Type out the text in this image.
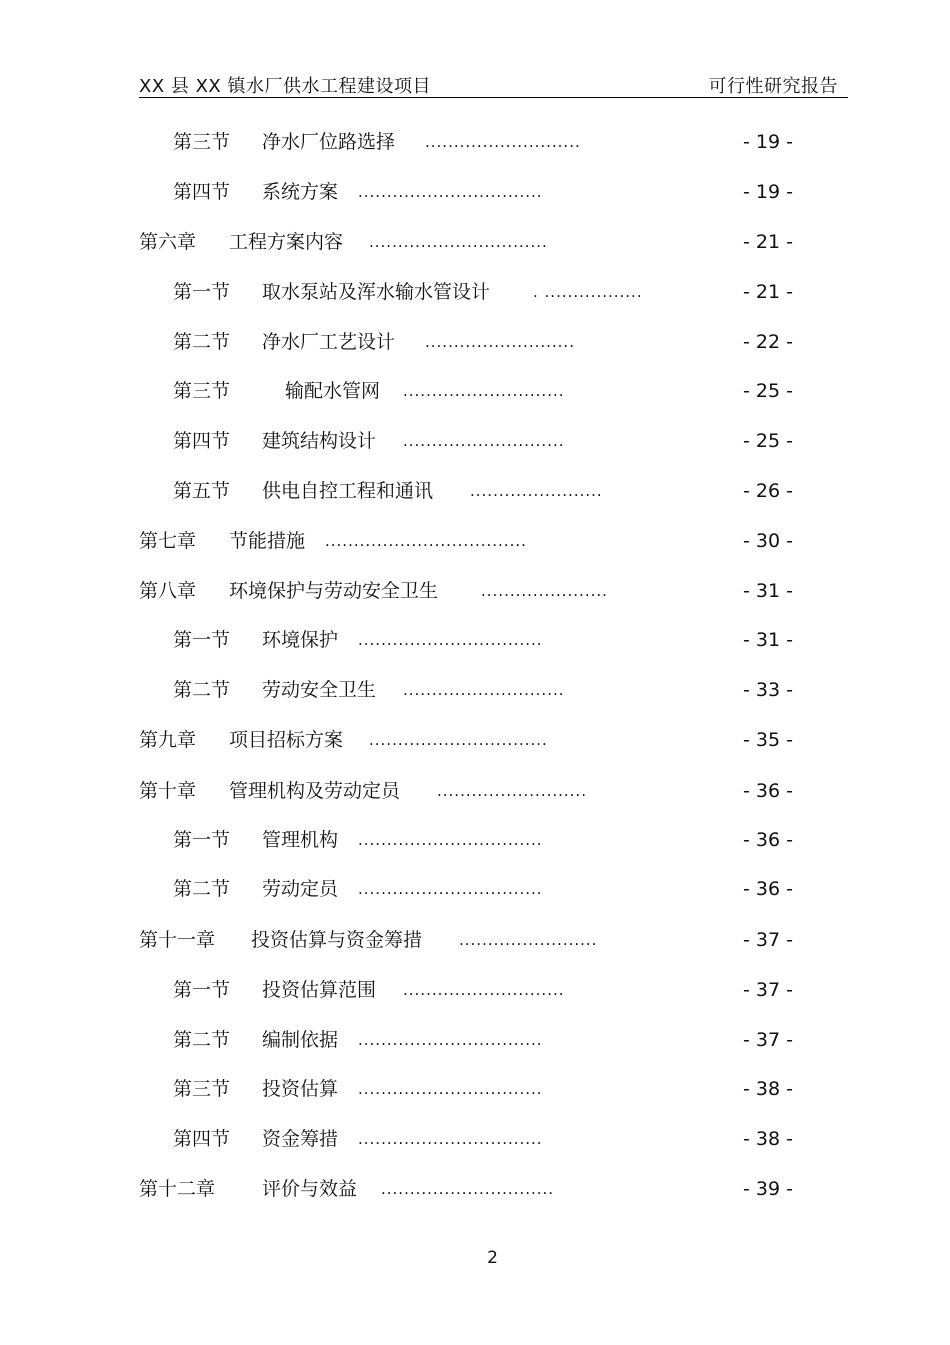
XX 县 XX 镇水厂供水工程建设项目	可行性研究报告
第三节 净水厂位路选择 ...........................	- 19 -
第四节 系统方案 ................................	- 19 -
第六章 工程方案内容 ...............................	- 21 -
第一节 取水泵站及浑水输水管设计	. .................	- 21 -
第二节 净水厂工艺设计 ..........................	- 22 -
第三节	输配水管网 ............................	- 25 -
第四节 建筑结构设计 ............................	- 25 -
第五节 供电自控工程和通讯 .......................	- 26 -
第七章 节能措施 ...................................	- 30 -
第八章 环境保护与劳动安全卫生	......................	- 31 -
第一节 环境保护 ................................	- 31 -
第二节 劳动安全卫生 ............................	- 33 -
第九章 项目招标方案 ...............................	- 35 -
第十章 管理机构及劳动定员 ..........................	- 36 -
第一节 管理机构 ................................	- 36 -
第二节 劳动定员 ................................	- 36 -
第十一章 投资估算与资金筹措 ........................	- 37 -
第一节 投资估算范围 ............................	- 37 -
第二节 编制依据 ................................	- 37 -
第三节 投资估算 ................................	- 38 -
第四节 资金筹措 ................................	- 38 -
第十二章 评价与效益 ..............................	- 39 -
2
